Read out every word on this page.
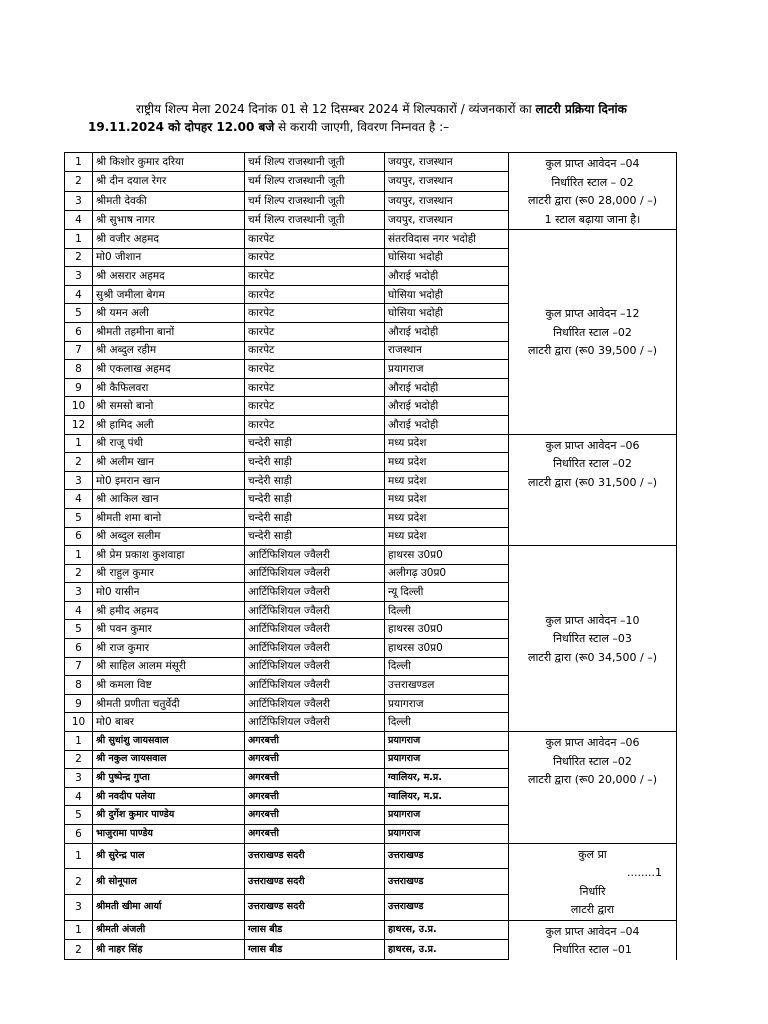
राष्ट्रीय शिल्प मेला 2024 दिनांक 01 से 12 दिसम्बर 2024 में शिल्पकारों / व्यंजनकारों का लाटरी प्रक्रिया दिनांक 19.11.2024 को दोपहर 12.00 बजे से करायी जाएगी, विवरण निम्नवत है :–
1	श्री किशोर कुमार दरिया	चर्म शिल्प राजस्थानी जूती	जयपुर, राजस्थान	कुल प्राप्त आवेदन –04
निर्धारित स्टाल – 02
लाटरी द्वारा (रू0 28,000 / –)
1 स्टाल बढ़ाया जाना है।

2	श्री दीन दयाल रेगर	चर्म शिल्प राजस्थानी जूती	जयपुर, राजस्थान	
3	श्रीमती देवकी	चर्म शिल्प राजस्थानी जूती	जयपुर, राजस्थान	
4	श्री सुभाष नागर	चर्म शिल्प राजस्थानी जूती	जयपुर, राजस्थान	
1	श्री वजीर अहमद	कारपेट	संतरविदास नगर भदोही	कुल प्राप्त आवेदन –12
निर्धारित स्टाल –02
लाटरी द्वारा (रू0 39,500 / –)

2	मो0 जीशान	कारपेट	घोसिया भदोही	
3	श्री असरार अहमद	कारपेट	औराई भदोही	
4	सुश्री जमीला बेगम	कारपेट	घोसिया भदोही	
5	श्री यमन अली	कारपेट	घोसिया भदोही	
6	श्रीमती तहमीना बानों	कारपेट	औराई भदोही	
7	श्री अब्दुल रहीम	कारपेट	राजस्थान	
8	श्री एकलाख अहमद	कारपेट	प्रयागराज	
9	श्री कैफिलवरा	कारपेट	औराई भदोही	
10	श्री समसो बानो	कारपेट	औराई भदोही	
12	श्री हामिद अली	कारपेट	औराई भदोही	
1	श्री राजू पंथी	चन्देरी साड़ी	मध्य प्रदेश	कुल प्राप्त आवेदन –06
निर्धारित स्टाल –02
लाटरी द्वारा (रू0 31,500 / –)

2	श्री अलीम खान	चन्देरी साड़ी	मध्य प्रदेश	
3	मो0 इमरान खान	चन्देरी साड़ी	मध्य प्रदेश	
4	श्री आकिल खान	चन्देरी साड़ी	मध्य प्रदेश	
5	श्रीमती शमा बानो	चन्देरी साड़ी	मध्य प्रदेश	
6	श्री अब्दुल सलीम	चन्देरी साड़ी	मध्य प्रदेश	
1	श्री प्रेम प्रकाश कुशवाहा	आर्टिफिशियल ज्वैलरी	हाथरस उ0प्र0	कुल प्राप्त आवेदन –10
निर्धारित स्टाल –03
लाटरी द्वारा (रू0 34,500 / –)

2	श्री राहुल कुमार	आर्टिफिशियल ज्वैलरी	अलीगढ़ उ0प्र0	
3	मो0 यासीन	आर्टिफिशियल ज्वैलरी	न्यू दिल्ली	
4	श्री हमीद अहमद	आर्टिफिशियल ज्वैलरी	दिल्ली	
5	श्री पवन कुमार	आर्टिफिशियल ज्वैलरी	हाथरस उ0प्र0	
6	श्री राज कुमार	आर्टिफिशियल ज्वैलरी	हाथरस उ0प्र0	
7	श्री साहिल आलम मंसूरी	आर्टिफिशियल ज्वैलरी	दिल्ली	
8	श्री कमला विष्ट	आर्टिफिशियल ज्वैलरी	उत्तराखण्डल	
9	श्रीमती प्रणीता चतुर्वेदी	आर्टिफिशियल ज्वैलरी	प्रयागराज	
10	मो0 बाबर	आर्टिफिशियल ज्वैलरी	दिल्ली	
1	श्री सुधांशु जायसवाल	अगरबत्ती	प्रयागराज	कुल प्राप्त आवेदन –06
निर्धारित स्टाल –02
लाटरी द्वारा (रू0 20,000 / –)

2	श्री नकुल जायसवाल	अगरबत्ती	प्रयागराज	
3	श्री पुष्पेन्द्र गुप्ता	अगरबत्ती	ग्वालियर, म.प्र.	
4	श्री नवदीप पलेया	अगरबत्ती	ग्वालियर, म.प्र.	
5	श्री दुर्गेश कुमार पाण्डेय	अगरबत्ती	प्रयागराज	
6	भाजुरामा पाण्डेय	अगरबत्ती	प्रयागराज	
1	श्री सुरेन्द्र पाल	उत्तराखण्ड सदरी	उत्तराखण्ड	कुल प्रा
........1
निर्धारि
लाटरी द्वारा

2	श्री सोनूपाल	उत्तराखण्ड सदरी	उत्तराखण्ड	
3	श्रीमती खीमा आर्या	उत्तराखण्ड सदरी	उत्तराखण्ड	
1	श्रीमती अंजली	ग्लास बीड	हाथरस, उ.प्र.	कुल प्राप्त आवेदन –04
निर्धारित स्टाल –01

2	श्री नाहर सिंह	ग्लास बीड	हाथरस, उ.प्र.	
